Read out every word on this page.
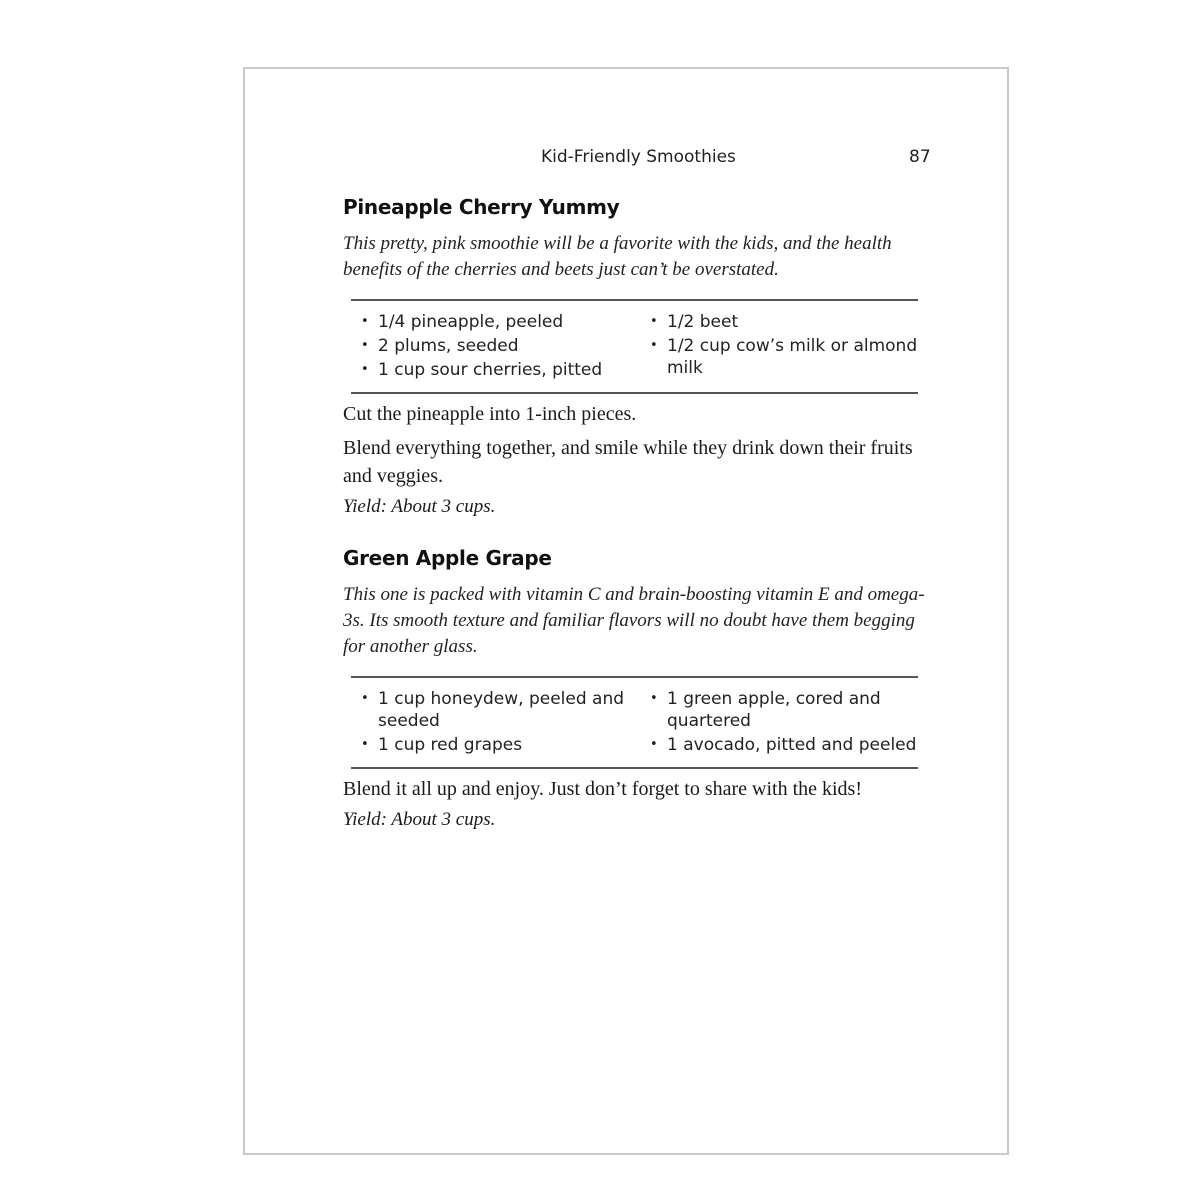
Kid-Friendly Smoothies	87
Pineapple Cherry Yummy

This pretty, pink smoothie will be a favorite with the kids, and the health benefits of the cherries and beets just can’t be overstated.

• 1/4 pineapple, peeled
• 2 plums, seeded
• 1 cup sour cherries, pitted
• 1/2 beet
• 1/2 cup cow’s milk or almond milk

Cut the pineapple into 1-inch pieces.

Blend everything together, and smile while they drink down their fruits and veggies.

Yield: About 3 cups.

Green Apple Grape

This one is packed with vitamin C and brain-boosting vitamin E and omega-3s. Its smooth texture and familiar flavors will no doubt have them begging for another glass.

• 1 cup honeydew, peeled and seeded
• 1 cup red grapes
• 1 green apple, cored and quartered
• 1 avocado, pitted and peeled

Blend it all up and enjoy. Just don’t forget to share with the kids!

Yield: About 3 cups.
